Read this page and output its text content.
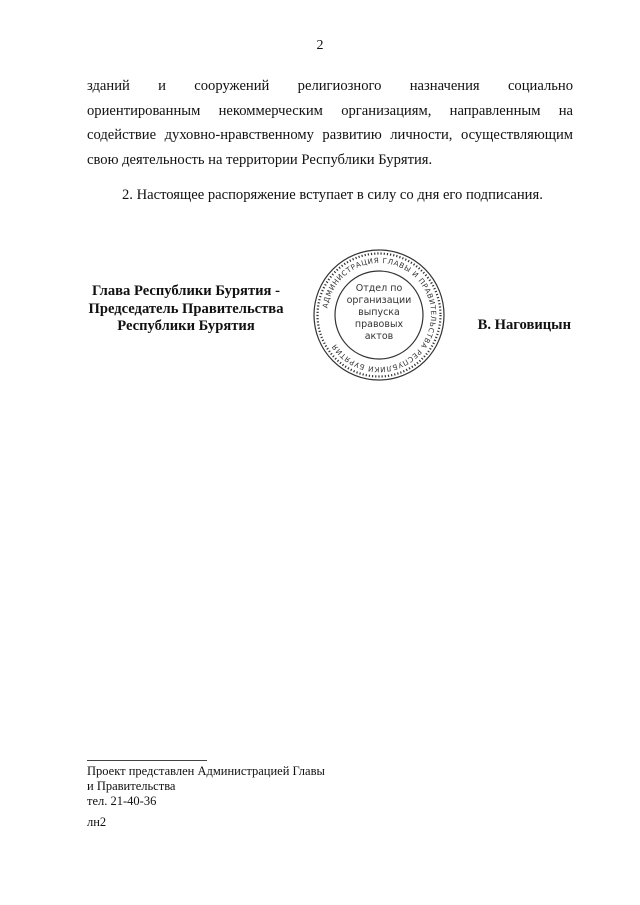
2
зданий и сооружений религиозного назначения социально
ориентированным некоммерческим организациям, направленным на
содействие духовно-нравственному развитию личности, осуществляющим
свою деятельность на территории Республики Бурятия.
2. Настоящее распоряжение вступает в силу со дня его подписания.
Глава Республики Бурятия -
Председатель Правительства
Республики Бурятия
АДМИНИСТРАЦИЯ ГЛАВЫ И ПРАВИТЕЛЬСТВА РЕСПУБЛИКИ БУРЯТИЯ
Отдел по
организации
выпуска
правовых
актов
В. Наговицын
Проект представлен Администрацией Главы
и Правительства
тел. 21-40-36
лн2
